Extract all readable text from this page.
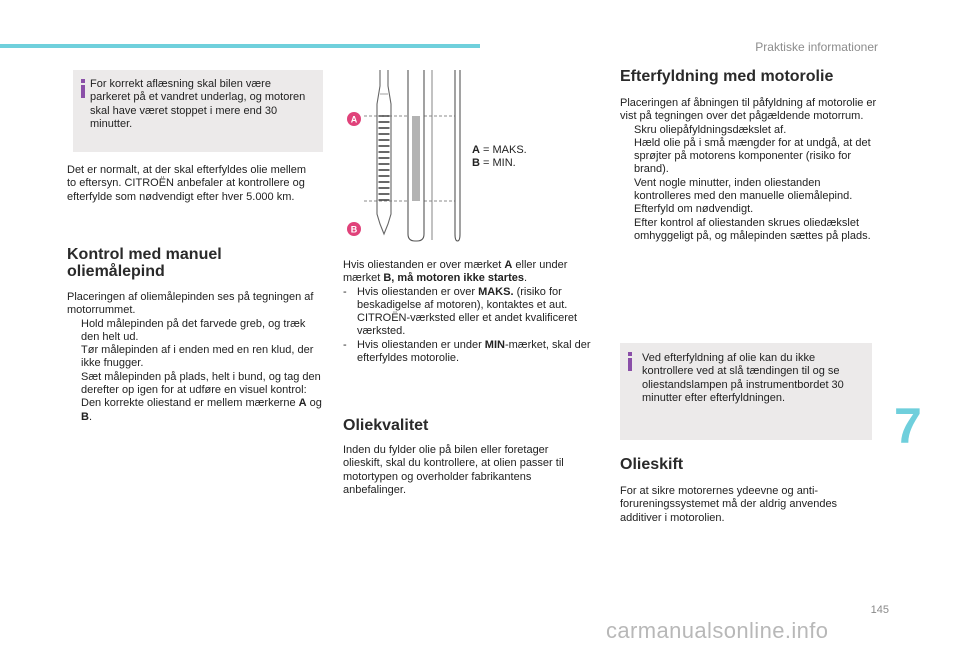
Praktiske informationer

For korrekt aflæsning skal bilen være parkeret på et vandret underlag, og motoren skal have været stoppet i mere end 30 minutter.

Det er normalt, at der skal efterfyldes olie mellem to eftersyn. CITROËN anbefaler at kontrollere og efterfylde som nødvendigt efter hver 5.000 km.

Kontrol med manuel
oliemålepind

Placeringen af oliemålepinden ses på tegningen af motorrummet.

Hold målepinden på det farvede greb, og træk den helt ud.
Tør målepinden af i enden med en ren klud, der ikke fnugger.
Sæt målepinden på plads, helt i bund, og tag den derefter op igen for at udføre en visuel kontrol: Den korrekte oliestand er mellem mærkerne A og B.
A
B
A = MAKS.
B = MIN.

Hvis oliestanden er over mærket A eller under mærket B, må motoren ikke startes.

- Hvis oliestanden er over MAKS. (risiko for beskadigelse af motoren), kontaktes et aut. CITROËN-værksted eller et andet kvalificeret værksted.
- Hvis oliestanden er under MIN-mærket, skal der efterfyldes motorolie.
Oliekvalitet

Inden du fylder olie på bilen eller foretager olieskift, skal du kontrollere, at olien passer til motortypen og overholder fabrikantens anbefalinger.

Efterfyldning med motorolie

Placeringen af åbningen til påfyldning af motorolie er vist på tegningen over det pågældende motorrum.

Skru oliepåfyldningsdækslet af.
Hæld olie på i små mængder for at undgå, at det sprøjter på motorens komponenter (risiko for brand).
Vent nogle minutter, inden oliestanden kontrolleres med den manuelle oliemålepind.
Efterfyld om nødvendigt.
Efter kontrol af oliestanden skrues oliedækslet omhyggeligt på, og målepinden sættes på plads.

Ved efterfyldning af olie kan du ikke kontrollere ved at slå tændingen til og se oliestandslampen på instrumentbordet 30 minutter efter efterfyldningen.

Olieskift

For at sikre motorernes ydeevne og anti-forureningssystemet må der aldrig anvendes additiver i motorolien.

7
145
carmanualsonline.info
